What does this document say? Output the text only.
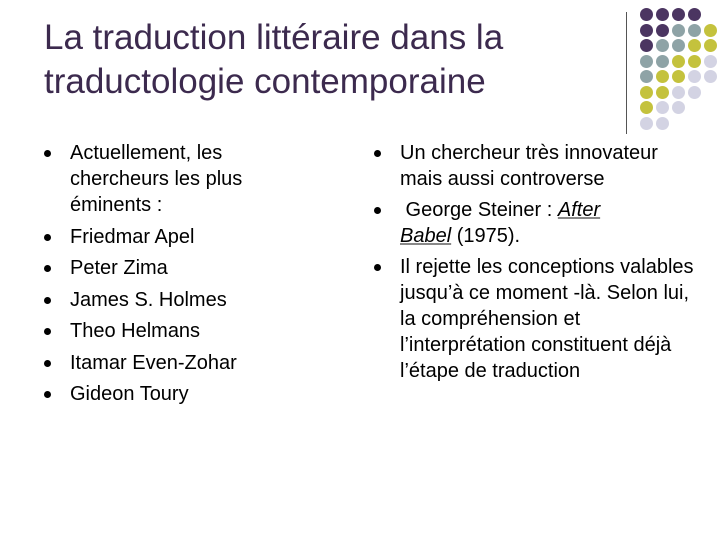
La traduction littéraire dans la
traductologie contemporaine
Actuellement, les
chercheurs les plus
éminents :
Friedmar Apel
Peter Zima
James S. Holmes
Theo Helmans
Itamar Even-Zohar
Gideon Toury
Un chercheur très innovateur mais aussi controverse
George Steiner : After
Babel (1975).
Il rejette les conceptions valables jusqu’à ce moment -là. Selon lui, la compréhension et l’interprétation constituent déjà l’étape de traduction
